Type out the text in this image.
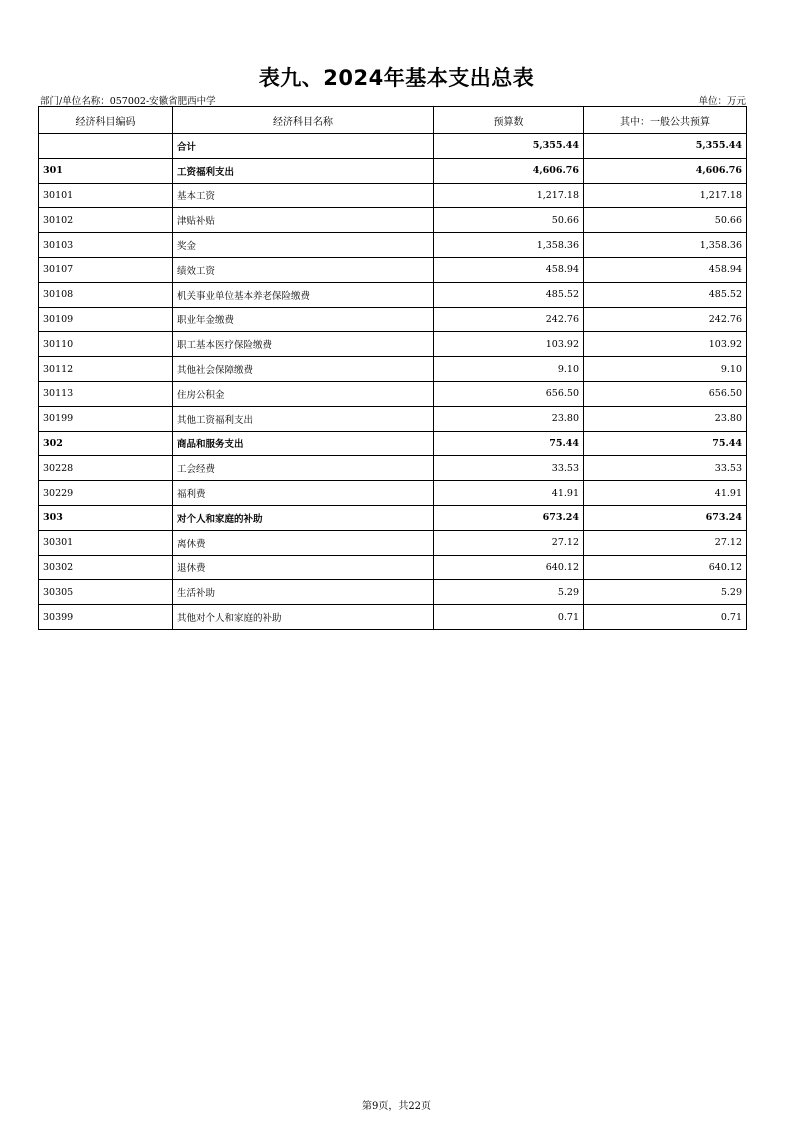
表九、2024年基本支出总表
部门/单位名称：057002-安徽省肥西中学	单位：万元
经济科目编码	经济科目名称	预算数	其中：一般公共预算
	合计	5,355.44	5,355.44
301	工资福利支出	4,606.76	4,606.76
30101	基本工资	1,217.18	1,217.18
30102	津贴补贴	50.66	50.66
30103	奖金	1,358.36	1,358.36
30107	绩效工资	458.94	458.94
30108	机关事业单位基本养老保险缴费	485.52	485.52
30109	职业年金缴费	242.76	242.76
30110	职工基本医疗保险缴费	103.92	103.92
30112	其他社会保障缴费	9.10	9.10
30113	住房公积金	656.50	656.50
30199	其他工资福利支出	23.80	23.80
302	商品和服务支出	75.44	75.44
30228	工会经费	33.53	33.53
30229	福利费	41.91	41.91
303	对个人和家庭的补助	673.24	673.24
30301	离休费	27.12	27.12
30302	退休费	640.12	640.12
30305	生活补助	5.29	5.29
30399	其他对个人和家庭的补助	0.71	0.71
第9页，共22页
